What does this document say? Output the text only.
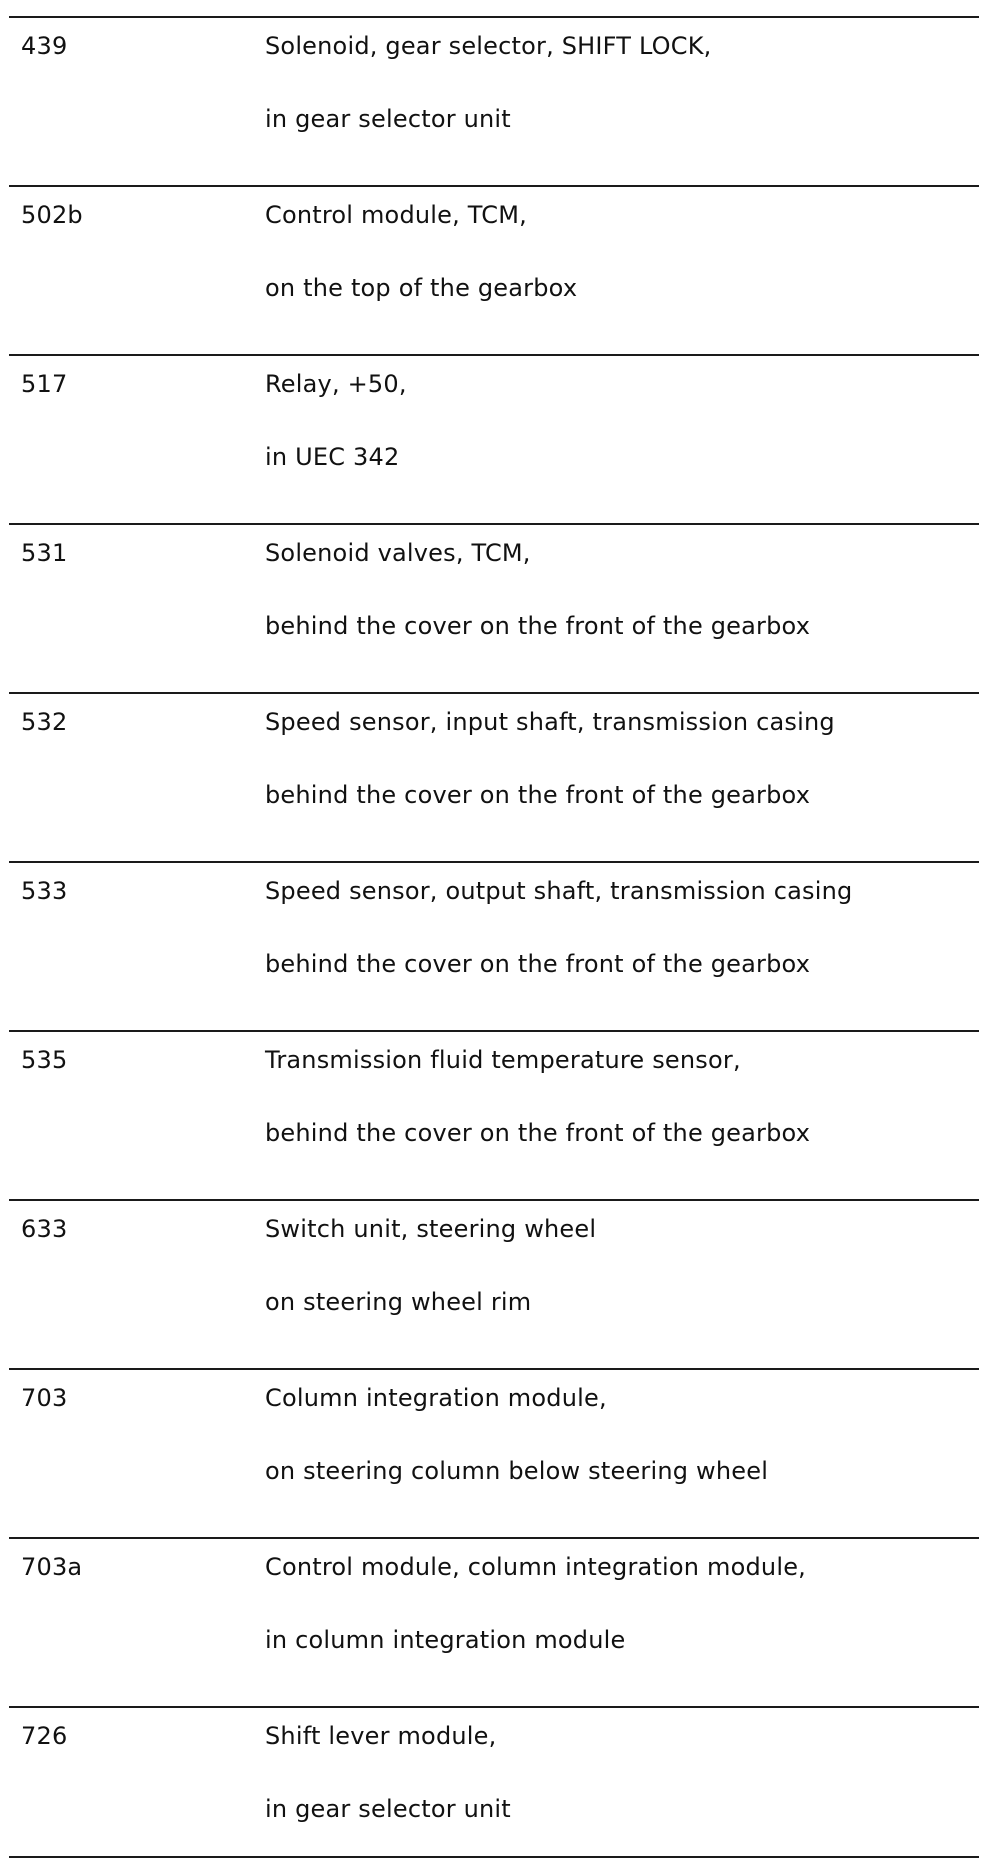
439	Solenoid, gear selector, SHIFT LOCK,
in gear selector unit
502b	Control module, TCM,
on the top of the gearbox
517	Relay, +50,
in UEC 342
531	Solenoid valves, TCM,
behind the cover on the front of the gearbox
532	Speed sensor, input shaft, transmission casing
behind the cover on the front of the gearbox
533	Speed sensor, output shaft, transmission casing
behind the cover on the front of the gearbox
535	Transmission fluid temperature sensor,
behind the cover on the front of the gearbox
633	Switch unit, steering wheel
on steering wheel rim
703	Column integration module,
on steering column below steering wheel
703a	Control module, column integration module,
in column integration module
726	Shift lever module,
in gear selector unit
